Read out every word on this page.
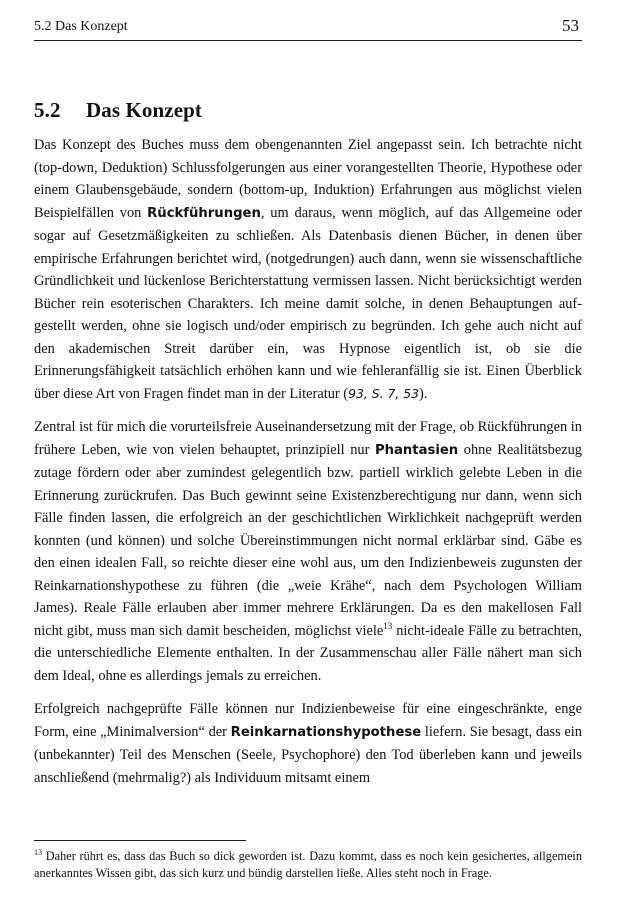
5.2 Das Konzept	53
5.2 Das Konzept

Das Konzept des Buches muss dem obengenannten Ziel angepasst sein. Ich betrachte nicht (top-down, Deduktion) Schlussfolgerungen aus einer vorangestellten Theorie, Hypothese oder einem Glaubensgebäude, sondern (bottom-up, Induktion) Erfahrungen aus möglichst vielen Beispielfällen von Rückführungen, um daraus, wenn möglich, auf das Allgemeine oder sogar auf Gesetzmäßigkeiten zu schließen. Als Datenbasis dienen Bücher, in denen über empirische Erfahrungen berichtet wird, (notgedrungen) auch dann, wenn sie wissenschaftliche Gründlichkeit und lückenlose Berichterstattung vermissen lassen. Nicht berücksichtigt werden Bücher rein esoterischen Charakters. Ich meine damit solche, in denen Behauptungen aufgestellt werden, ohne sie logisch und/oder empirisch zu begründen. Ich gehe auch nicht auf den akademischen Streit darüber ein, was Hypnose eigentlich ist, ob sie die Erinnerungsfähigkeit tatsächlich erhöhen kann und wie fehleranfällig sie ist. Einen Überblick über diese Art von Fragen findet man in der Literatur (93, S. 7, 53).

Zentral ist für mich die vorurteilsfreie Auseinandersetzung mit der Frage, ob Rückführungen in frühere Leben, wie von vielen behauptet, prinzipiell nur Phantasien ohne Realitätsbezug zutage fördern oder aber zumindest gelegentlich bzw. partiell wirklich gelebte Leben in die Erinnerung zurückrufen. Das Buch gewinnt seine Existenzberechtigung nur dann, wenn sich Fälle finden lassen, die erfolgreich an der geschichtlichen Wirklichkeit nachgeprüft werden konnten (und können) und solche Übereinstimmungen nicht normal erklärbar sind. Gäbe es den einen idealen Fall, so reichte dieser eine wohl aus, um den Indizienbeweis zugunsten der Reinkarnationshypothese zu führen (die „weie Krähe“, nach dem Psychologen William James). Reale Fälle erlauben aber immer mehrere Erklärungen. Da es den makellosen Fall nicht gibt, muss man sich damit bescheiden, möglichst viele$^{13}$ nicht-ideale Fälle zu betrachten, die unterschiedliche Elemente enthalten. In der Zusammenschau aller Fälle nähert man sich dem Ideal, ohne es allerdings jemals zu erreichen.

Erfolgreich nachgeprüfte Fälle können nur Indizienbeweise für eine eingeschränkte, enge Form, eine „Minimalversion“ der Reinkarnationshypothese liefern. Sie besagt, dass ein (unbekannter) Teil des Menschen (Seele, Psychophore) den Tod überleben kann und jeweils anschließend (mehrmalig?) als Individuum mitsamt einem

$^{13}$ Daher rührt es, dass das Buch so dick geworden ist. Dazu kommt, dass es noch kein gesichertes, allgemein anerkanntes Wissen gibt, das sich kurz und bündig darstellen ließe. Alles steht noch in Frage.
